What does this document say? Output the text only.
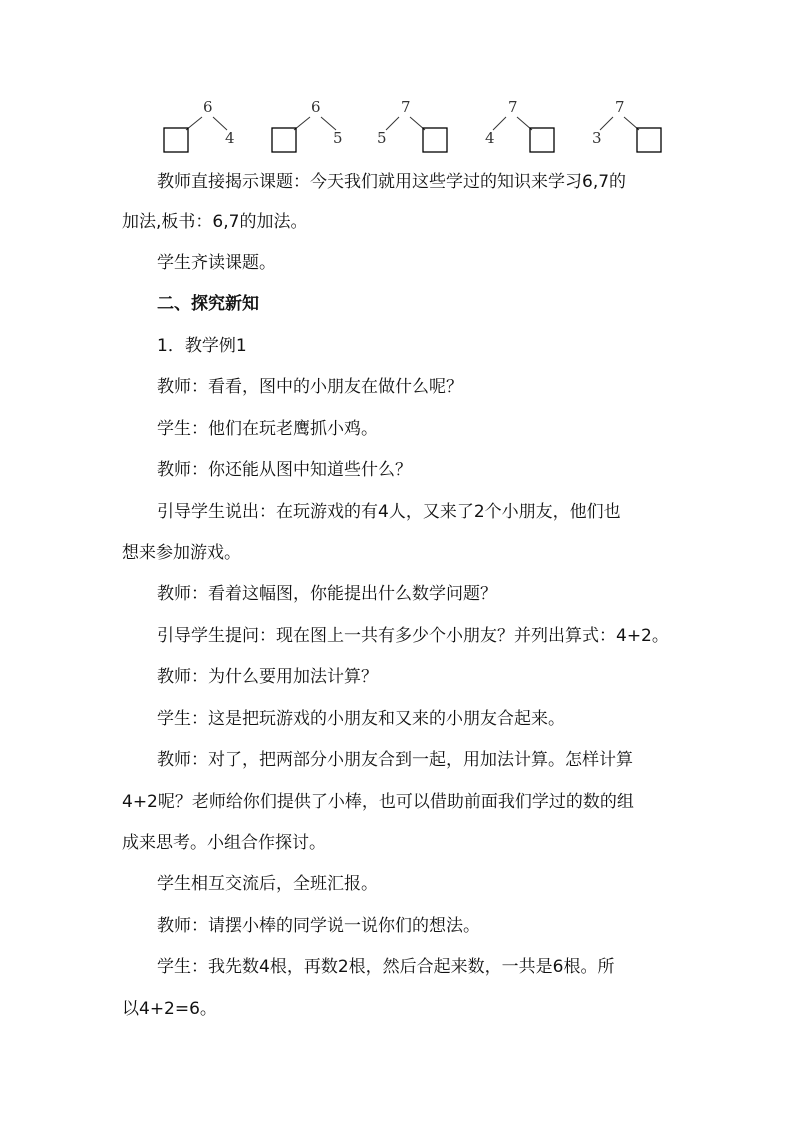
6
4
6
5
7
5
7
4
7
3
教师直接揭示课题：今天我们就用这些学过的知识来学习6,7的
加法,板书：6,7的加法。
学生齐读课题。
二、探究新知
1．教学例1
教师：看看，图中的小朋友在做什么呢？
学生：他们在玩老鹰抓小鸡。
教师：你还能从图中知道些什么？
引导学生说出：在玩游戏的有4人，又来了2个小朋友，他们也
想来参加游戏。
教师：看着这幅图，你能提出什么数学问题？
引导学生提问：现在图上一共有多少个小朋友？并列出算式：4+2。
教师：为什么要用加法计算？
学生：这是把玩游戏的小朋友和又来的小朋友合起来。
教师：对了，把两部分小朋友合到一起，用加法计算。怎样计算
4+2呢？老师给你们提供了小棒，也可以借助前面我们学过的数的组
成来思考。小组合作探讨。
学生相互交流后，全班汇报。
教师：请摆小棒的同学说一说你们的想法。
学生：我先数4根，再数2根，然后合起来数，一共是6根。所
以4+2=6。
